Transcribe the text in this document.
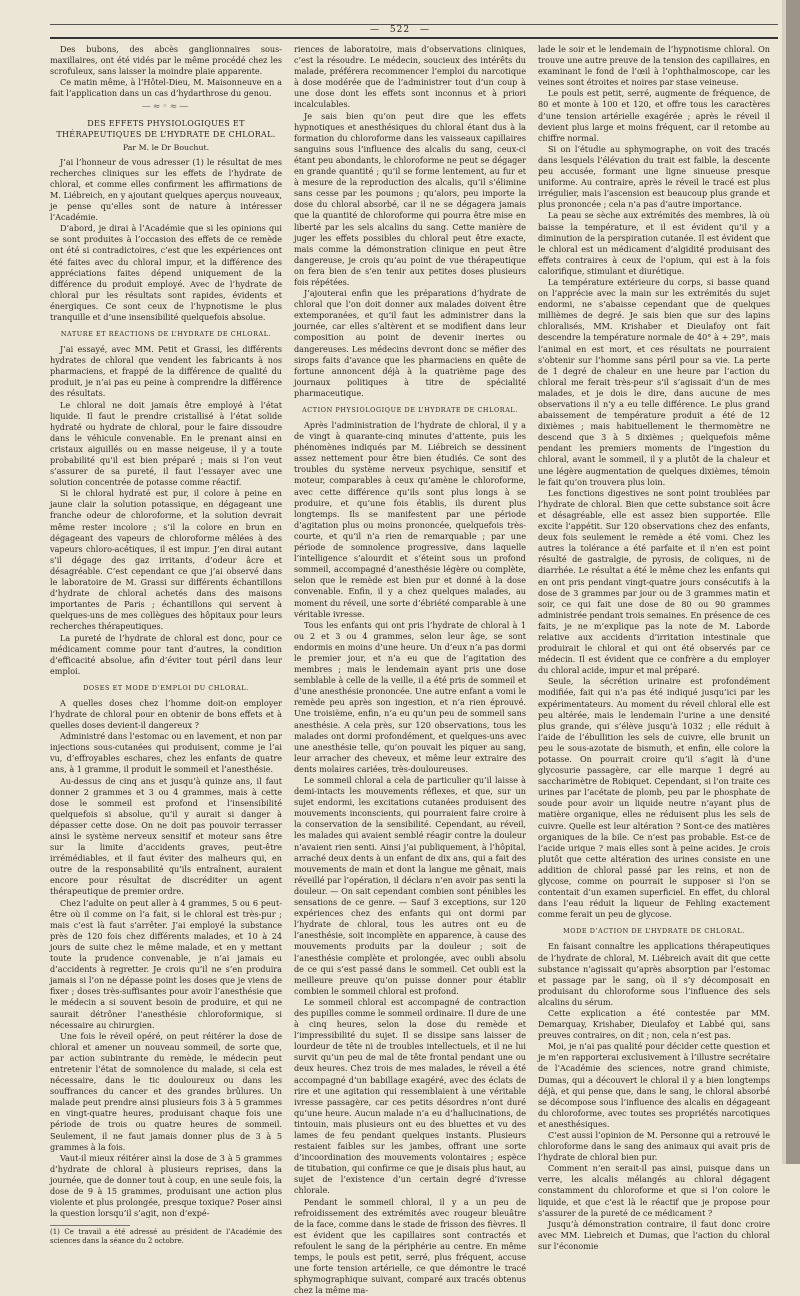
— 522 —

Des bubons, des abcès ganglionnaires sous-maxillaires, ont été vidés par le même procédé chez les scrofuleux, sans laisser la moindre plaie apparente.

Ce matin même, à l’Hôtel-Dieu, M. Maisonneuve en a fait l’application dans un cas d’hydarthrose du genou.

—≈◦≈—
DES EFFETS PHYSIOLOGIQUES ET THÉRAPEUTIQUES DE L’HYDRATE DE CHLORAL.
Par M. le Dr Bouchut.

J’ai l’honneur de vous adresser (1) le résultat de mes recherches cliniques sur les effets de l’hydrate de chloral, et comme elles confirment les affirmations de M. Liébreich, en y ajoutant quelques aperçus nouveaux, je pense qu’elles sont de nature à intéresser l’Académie.

D’abord, je dirai à l’Académie que si les opinions qui se sont produites à l’occasion des effets de ce remède ont été si contradictoires, c’est que les expériences ont été faites avec du chloral impur, et la différence des appréciations faites dépend uniquement de la différence du produit employé. Avec de l’hydrate de chloral pur les résultats sont rapides, évidents et énergiques. Ce sont ceux de l’hypnotisme le plus tranquille et d’une insensibilité quelquefois absolue.

NATURE ET RÉACTIONS DE L’HYDRATE DE CHLORAL.

J’ai essayé, avec MM. Petit et Grassi, les différents hydrates de chloral que vendent les fabricants à nos pharmaciens, et frappé de la différence de qualité du produit, je n’ai pas eu peine à comprendre la différence des résultats.

Le chloral ne doit jamais être employé à l’état liquide. Il faut le prendre cristallisé à l’état solide hydraté ou hydrate de chloral, pour le faire dissoudre dans le véhicule convenable. En le prenant ainsi en cristaux aiguillés ou en masse neigeuse, il y a toute probabilité qu’il est bien préparé ; mais si l’on veut s’assurer de sa pureté, il faut l’essayer avec une solution concentrée de potasse comme réactif.

Si le chloral hydraté est pur, il colore à peine en jaune clair la solution potassique, en dégageant une franche odeur de chloroforme, et la solution devrait même rester incolore ; s’il la colore en brun en dégageant des vapeurs de chloroforme mêlées à des vapeurs chloro-acétiques, il est impur. J’en dirai autant s’il dégage des gaz irritants, d’odeur âcre et désagréable. C’est cependant ce que j’ai observé dans le laboratoire de M. Grassi sur différents échantillons d’hydrate de chloral achetés dans des maisons importantes de Paris ; échantillons qui servent à quelques-uns de mes collègues des hôpitaux pour leurs recherches thérapeutiques.

La pureté de l’hydrate de chloral est donc, pour ce médicament comme pour tant d’autres, la condition d’efficacité absolue, afin d’éviter tout péril dans leur emploi.

DOSES ET MODE D’EMPLOI DU CHLORAL.

A quelles doses chez l’homme doit-on employer l’hydrate de chloral pour en obtenir de bons effets et à quelles doses devient-il dangereux ?

Administré dans l’estomac ou en lavement, et non par injections sous-cutanées qui produisent, comme je l’ai vu, d’effroyables eschares, chez les enfants de quatre ans, à 1 gramme, il produit le sommeil et l’anesthésie.

Au-dessus de cinq ans et jusqu’à quinze ans, il faut donner 2 grammes et 3 ou 4 grammes, mais à cette dose le sommeil est profond et l’insensibilité quelquefois si absolue, qu’il y aurait si danger à dépasser cette dose. On ne doit pas pouvoir terrasser ainsi le système nerveux sensitif et moteur sans être sur la limite d’accidents graves, peut-être irrémédiables, et il faut éviter des malheurs qui, en outre de la responsabilité qu’ils entraînent, auraient encore pour résultat de discréditer un agent thérapeutique de premier ordre.

Chez l’adulte on peut aller à 4 grammes, 5 ou 6 peut-être où il comme on l’a fait, si le chloral est très-pur ; mais c’est là faut s’arrêter. J’ai employé la substance près de 120 fois chez différents malades, et 10 à 24 jours de suite chez le même malade, et en y mettant toute la prudence convenable, je n’ai jamais eu d’accidents à regretter. Je crois qu’il ne s’en produira jamais si l’on ne dépasse point les doses que je viens de fixer ; doses très-suffisantes pour avoir l’anesthésie que le médecin a si souvent besoin de produire, et qui ne saurait détrôner l’anesthésie chloroformique, si nécessaire au chirurgien.

Une fois le réveil opéré, on peut réitérer la dose de chloral et amener un nouveau sommeil, de sorte que, par action subintrante du remède, le médecin peut entretenir l’état de somnolence du malade, si cela est nécessaire, dans le tic douloureux ou dans les souffrances du cancer et des grandes brûlures. Un malade peut prendre ainsi plusieurs fois 3 à 5 grammes en vingt-quatre heures, produisant chaque fois une période de trois ou quatre heures de sommeil. Seulement, il ne faut jamais donner plus de 3 à 5 grammes à la fois.

Vaut-il mieux réitérer ainsi la dose de 3 à 5 grammes d’hydrate de chloral à plusieurs reprises, dans la journée, que de donner tout à coup, en une seule fois, la dose de 9 à 15 grammes, produisant une action plus violente et plus prolongée, presque toxique? Poser ainsi la question lorsqu’il s’agit, non d’expé-

(1) Ce travail a été adressé au président de l’Académie des sciences dans la séance du 2 octobre.

riences de laboratoire, mais d’observations cliniques, c’est la résoudre. Le médecin, soucieux des intérêts du malade, préférera recommencer l’emploi du narcotique à dose modérée que de l’administrer tout d’un coup à une dose dont les effets sont inconnus et à priori incalculables.

Je sais bien qu’on peut dire que les effets hypnotiques et anesthésiques du chloral étant dus à la formation du chloroforme dans les vaisseaux capillaires sanguins sous l’influence des alcalis du sang, ceux-ci étant peu abondants, le chloroforme ne peut se dégager en grande quantité ; qu’il se forme lentement, au fur et à mesure de la reproduction des alcalis, qu’il s’élimine sans cesse par les poumons ; qu’alors, peu importe la dose du chloral absorbé, car il ne se dégagera jamais que la quantité de chloroforme qui pourra être mise en liberté par les sels alcalins du sang. Cette manière de juger les effets possibles du chloral peut être exacte, mais comme la démonstration clinique en peut être dangereuse, je crois qu’au point de vue thérapeutique on fera bien de s’en tenir aux petites doses plusieurs fois répétées.

J’ajouterai enfin que les préparations d’hydrate de chloral que l’on doit donner aux malades doivent être extemporanées, et qu’il faut les administrer dans la journée, car elles s’altèrent et se modifient dans leur composition au point de devenir inertes ou dangereuses. Les médecins devront donc se méfier des sirops faits d’avance que les pharmaciens en quête de fortune annoncent déjà à la quatrième page des journaux politiques à titre de spécialité pharmaceutique.

ACTION PHYSIOLOGIQUE DE L’HYDRATE DE CHLORAL.

Après l’administration de l’hydrate de chloral, il y a de vingt à quarante-cinq minutes d’attente, puis les phénomènes indiqués par M. Liébreich se dessinent assez nettement pour être bien étudiés. Ce sont des troubles du système nerveux psychique, sensitif et moteur, comparables à ceux qu’amène le chloroforme, avec cette différence qu’ils sont plus longs à se produire, et qu’une fois établis, ils durent plus longtemps. Ils se manifestent par une période d’agitation plus ou moins prononcée, quelquefois très-courte, et qu’il n’a rien de remarquable ; par une période de somnolence progressive, dans laquelle l’intelligence s’alourdit et s’éteint sous un profond sommeil, accompagné d’anesthésie légère ou complète, selon que le remède est bien pur et donné à la dose convenable. Enfin, il y a chez quelques malades, au moment du réveil, une sorte d’ébriété comparable à une véritable ivresse.

Tous les enfants qui ont pris l’hydrate de chloral à 1 ou 2 et 3 ou 4 grammes, selon leur âge, se sont endormis en moins d’une heure. Un d’eux n’a pas dormi le premier jour, et n’a eu que de l’agitation des membres ; mais le lendemain ayant pris une dose semblable à celle de la veille, il a été pris de sommeil et d’une anesthésie prononcée. Une autre enfant a vomi le remède peu après son ingestion, et n’a rien éprouvé. Une troisième, enfin, n’a eu qu’un peu de sommeil sans anesthésie. A cela près, sur 120 observations, tous les malades ont dormi profondément, et quelques-uns avec une anesthésie telle, qu’on pouvait les piquer au sang, leur arracher des cheveux, et même leur extraire des dents molaires cariées, très-douloureuses.

Le sommeil chloral a cela de particulier qu’il laisse à demi-intacts les mouvements réflexes, et que, sur un sujet endormi, les excitations cutanées produisent des mouvements inconscients, qui pourraient faire croire à la conservation de la sensibilité. Cependant, au réveil, les malades qui avaient semblé réagir contre la douleur n’avaient rien senti. Ainsi j’ai publiquement, à l’hôpital, arraché deux dents à un enfant de dix ans, qui a fait des mouvements de main et dont la langue me gênait, mais réveillé par l’opération, il déclara n’en avoir pas senti la douleur. — On sait cependant combien sont pénibles les sensations de ce genre. — Sauf 3 exceptions, sur 120 expériences chez des enfants qui ont dormi par l’hydrate de chloral, tous les autres ont eu de l’anesthésie, soit incomplète en apparence, à cause des mouvements produits par la douleur ; soit de l’anesthésie complète et prolongée, avec oubli absolu de ce qui s’est passé dans le sommeil. Cet oubli est la meilleure preuve qu’on puisse donner pour établir combien le sommeil chloral est profond.

Le sommeil chloral est accompagné de contraction des pupilles comme le sommeil ordinaire. Il dure de une à cinq heures, selon la dose du remède et l’impressibilité du sujet. Il se dissipe sans laisser de lourdeur de tête ni de troubles intellectuels, et il ne lui survit qu’un peu de mal de tête frontal pendant une ou deux heures. Chez trois de mes malades, le réveil a été accompagné d’un babillage exagéré, avec des éclats de rire et une agitation qui ressemblaient à une véritable ivresse passagère, car ces petits désordres n’ont duré qu’une heure. Aucun malade n’a eu d’hallucinations, de tintouin, mais plusieurs ont eu des bluettes et vu des lames de feu pendant quelques instants. Plusieurs restaient faibles sur les jambes, offrant une sorte d’incoordination des mouvements volontaires ; espèce de titubation, qui confirme ce que je disais plus haut, au sujet de l’existence d’un certain degré d’ivresse chlorale.

Pendant le sommeil chloral, il y a un peu de refroidissement des extrémités avec rougeur bleuâtre de la face, comme dans le stade de frisson des fièvres. Il est évident que les capillaires sont contractés et refoulent le sang de la périphérie au centre. En même temps, le pouls est petit, serré, plus fréquent, accuse une forte tension artérielle, ce que démontre le tracé sphymographique suivant, comparé aux tracés obtenus chez la même ma-

lade le soir et le lendemain de l’hypnotisme chloral. On trouve une autre preuve de la tension des capillaires, en examinant le fond de l’œil à l’ophthalmoscope, car les veines sont étroites et noires par stase veineuse.

Le pouls est petit, serré, augmente de fréquence, de 80 et monte à 100 et 120, et offre tous les caractères d’une tension artérielle exagérée ; après le réveil il devient plus large et moins fréquent, car il retombe au chiffre normal.

Si on l’étudie au sphymographe, on voit des tracés dans lesquels l’élévation du trait est faible, la descente peu accusée, formant une ligne sinueuse presque uniforme. Au contraire, après le réveil le tracé est plus irrégulier, mais l’ascension est beaucoup plus grande et plus prononcée ; cela n’a pas d’autre importance.

La peau se sèche aux extrémités des membres, là où baisse la température, et il est évident qu’il y a diminution de la perspiration cutanée. Il est évident que le chloral est un médicament d’algidité produisant des effets contraires à ceux de l’opium, qui est à la fois calorifique, stimulant et diurétique.

La température extérieure du corps, si basse quand on l’apprécie avec la main sur les extrémités du sujet endormi, ne s’abaisse cependant que de quelques millièmes de degré. Je sais bien que sur des lapins chloralisés, MM. Krishaber et Dieulafoy ont fait descendre la température normale de 40° à + 29°, mais l’animal en est mort, et ces résultats ne pourraient s’obtenir sur l’homme sans péril pour sa vie. La perte de 1 degré de chaleur en une heure par l’action du chloral me ferait très-peur s’il s’agissait d’un de mes malades, et je dois le dire, dans aucune de mes observations il n’y a eu telle différence. Le plus grand abaissement de température produit a été de 12 dixièmes ; mais habituellement le thermomètre ne descend que 3 à 5 dixièmes ; quelquefois même pendant les premiers moments de l’ingestion du chloral, avant le sommeil, il y a plutôt de la chaleur et une légère augmentation de quelques dixièmes, témoin le fait qu’on trouvera plus loin.

Les fonctions digestives ne sont point troublées par l’hydrate de chloral. Bien que cette substance soit âcre et désagréable, elle est assez bien supportée. Elle excite l’appétit. Sur 120 observations chez des enfants, deux fois seulement le remède a été vomi. Chez les autres la tolérance a été parfaite et il n’en est point résulté de gastralgie, de pyrosis, de coliques, ni de diarrhée. Le résultat a été le même chez les enfants qui en ont pris pendant vingt-quatre jours consécutifs à la dose de 3 grammes par jour ou de 3 grammes matin et soir, ce qui fait une dose de 80 ou 90 grammes administrée pendant trois semaines. En présence de ces faits, je ne m’explique pas la note de M. Laborde relative aux accidents d’irritation intestinale que produirait le chloral et qui ont été observés par ce médecin. Il est évident que ce confrère a du employer du chloral acide, impur et mal préparé.

Seule, la sécrétion urinaire est profondément modifiée, fait qui n’a pas été indiqué jusqu’ici par les expérimentateurs. Au moment du réveil chloral elle est peu altérée, mais le lendemain l’urine a une densité plus grande, qui s’élève jusqu’à 1032 ; elle réduit à l’aide de l’ébullition les sels de cuivre, elle brunit un peu le sous-azotate de bismuth, et enfin, elle colore la potasse. On pourrait croire qu’il s’agit là d’une glycosurie passagère, car elle marque 1 degré au saccharimètre de Robiquet. Cependant, si l’on traite ces urines par l’acétate de plomb, peu par le phosphate de soude pour avoir un liquide neutre n’ayant plus de matière organique, elles ne réduisent plus les sels de cuivre. Quelle est leur altération ? Sont-ce des matières organiques de la bile. Ce n’est pas probable. Est-ce de l’acide urique ? mais elles sont à peine acides. Je crois plutôt que cette altération des urines consiste en une addition de chloral passé par les reins, et non de glycose, comme on pourrait le supposer si l’on se contentait d’un examen superficiel. En effet, du chloral dans l’eau réduit la liqueur de Fehling exactement comme ferait un peu de glycose.

MODE D’ACTION DE L’HYDRATE DE CHLORAL.

En faisant connaître les applications thérapeutiques de l’hydrate de chloral, M. Liébreich avait dit que cette substance n’agissait qu’après absorption par l’estomac et passage par le sang, où il s’y décomposait en produisant du chloroforme sous l’influence des sels alcalins du sérum.

Cette explication a été contestée par MM. Demarquay, Krishaber, Dieulafoy et Labbé qui, sans preuves contraires, on dit ; non, cela n’est pas.

Moi, je n’ai pas qualité pour décider cette question et je m’en rapporterai exclusivement à l’illustre secrétaire de l’Académie des sciences, notre grand chimiste, Dumas, qui a découvert le chloral il y a bien longtemps déjà, et qui pense que, dans le sang, le chloral absorbé se décompose sous l’influence des alcalis en dégageant du chloroforme, avec toutes ses propriétés narcotiques et anesthésiques.

C’est aussi l’opinion de M. Personne qui a retrouvé le chloroforme dans le sang des animaux qui avait pris de l’hydrate de chloral bien pur.

Comment n’en serait-il pas ainsi, puisque dans un verre, les alcalis mélangés au chloral dégagent constamment du chloroforme et que si l’on colore le liquide, et que c’est là le réactif que je propose pour s’assurer de la pureté de ce médicament ?

Jusqu’à démonstration contraire, il faut donc croire avec MM. Liebreich et Dumas, que l’action du chloral sur l’économie
